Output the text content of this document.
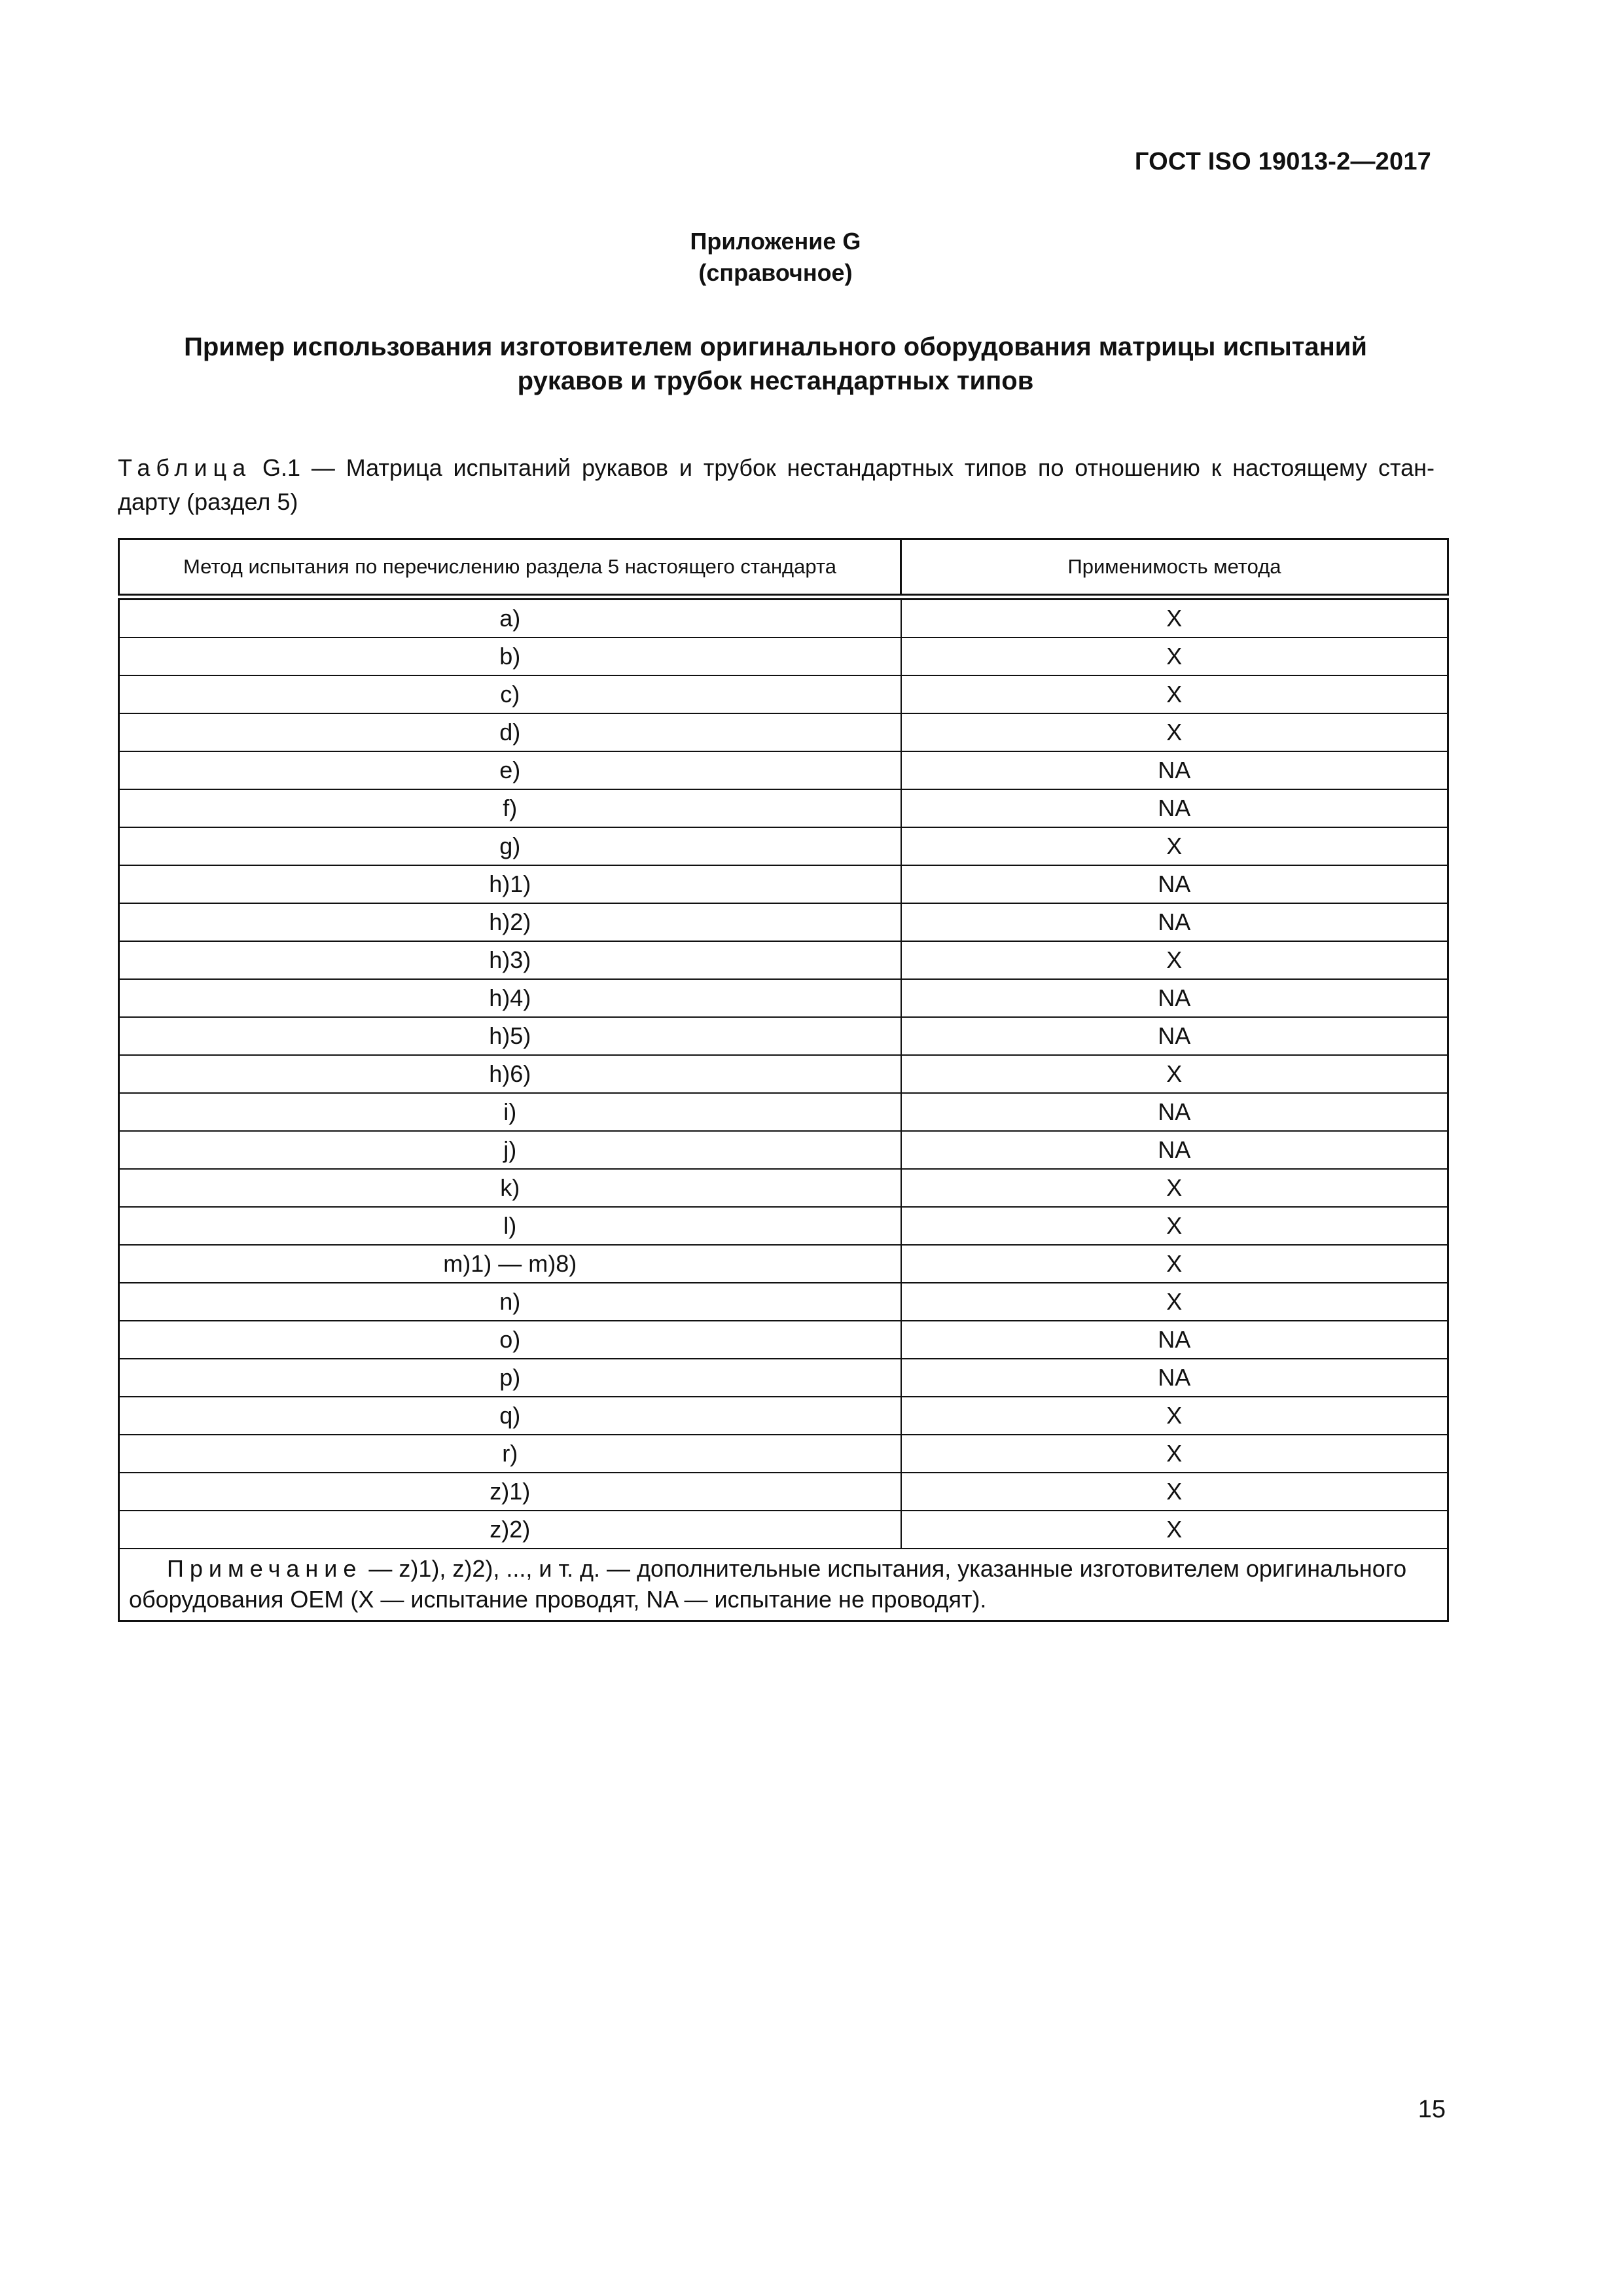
ГОСТ ISO 19013-2—2017
Приложение G
(справочное)
Пример использования изготовителем оригинального оборудования матрицы испытаний
рукавов и трубок нестандартных типов
Таблица G.1 — Матрица испытаний рукавов и трубок нестандартных типов по отношению к настоящему стан- дарту (раздел 5)
Метод испытания по перечислению раздела 5 настоящего стандарта	Применимость метода
a)	X
b)	X
c)	X
d)	X
e)	NA
f)	NA
g)	X
h)1)	NA
h)2)	NA
h)3)	X
h)4)	NA
h)5)	NA
h)6)	X
i)	NA
j)	NA
k)	X
l)	X
m)1) — m)8)	X
n)	X
o)	NA
p)	NA
q)	X
r)	X
z)1)	X
z)2)	X
Примечание — z)1), z)2), ..., и т. д. — дополнительные испытания, указанные изготовителем оригинального оборудования OEM (X — испытание проводят, NA — испытание не проводят).	
15
